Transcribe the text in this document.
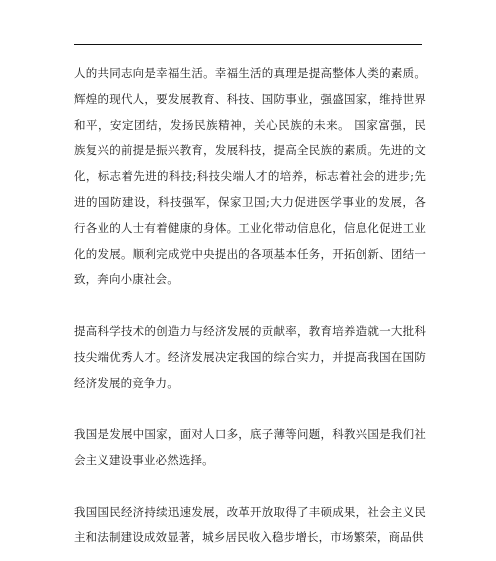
人的共同志向是幸福生活。幸福生活的真理是提高整体人类的素质。辉煌的现代人，要发展教育、科技、国防事业，强盛国家，维持世界和平，安定团结，发扬民族精神，关心民族的未来。 国家富强，民族复兴的前提是振兴教育，发展科技，提高全民族的素质。先进的文化，标志着先进的科技;科技尖端人才的培养，标志着社会的进步;先进的国防建设，科技强军，保家卫国;大力促进医学事业的发展，各行各业的人士有着健康的身体。工业化带动信息化，信息化促进工业化的发展。顺利完成党中央提出的各项基本任务，开拓创新、团结一致，奔向小康社会。

提高科学技术的创造力与经济发展的贡献率，教育培养造就一大批科技尖端优秀人才。经济发展决定我国的综合实力，并提高我国在国防经济发展的竞争力。

我国是发展中国家，面对人口多，底子薄等问题，科教兴国是我们社会主义建设事业必然选择。

我国国民经济持续迅速发展，改革开放取得了丰硕成果，社会主义民主和法制建设成效显著，城乡居民收入稳步增长，市场繁荣，商品供
